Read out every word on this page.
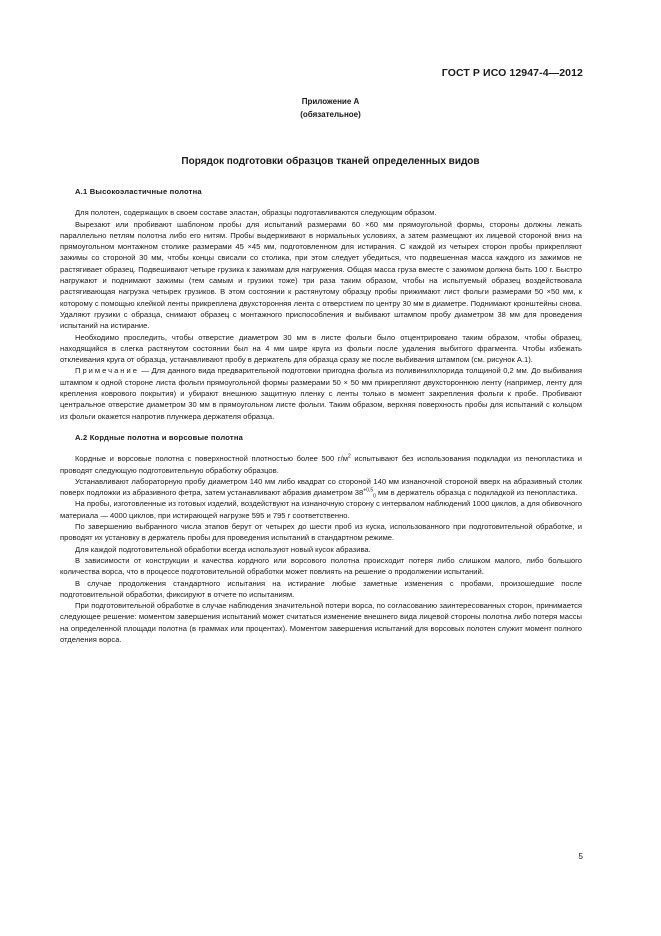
ГОСТ Р ИСО 12947-4—2012
Приложение А
(обязательное)
Порядок подготовки образцов тканей определенных видов
А.1 Высокоэластичные полотна

Для полотен, содержащих в своем составе эластан, образцы подготавливаются следующим образом.

Вырезают или пробивают шаблоном пробы для испытаний размерами 60 ×60 мм прямоугольной формы, стороны должны лежать параллельно петлям полотна либо его нитям. Пробы выдерживают в нормальных условиях, а затем размещают их лицевой стороной вниз на прямоугольном монтажном столике размерами 45 ×45 мм, подготовленном для истирания. С каждой из четырех сторон пробы прикрепляют зажимы со стороной 30 мм, чтобы концы свисали со столика, при этом следует убедиться, что подвешенная масса каждого из зажимов не растягивает образец. Подвешивают четыре грузика к зажимам для нагружения. Общая масса груза вместе с зажимом должна быть 100 г. Быстро нагружают и поднимают зажимы (тем самым и грузики тоже) три раза таким образом, чтобы на испытуемый образец воздействовала растягивающая нагрузка четырех грузиков. В этом состоянии к растянутому образцу пробы прижимают лист фольги размерами 50 ×50 мм, к которому с помощью клейкой ленты прикреплена двухсторонняя лента с отверстием по центру 30 мм в диаметре. Поднимают кронштейны снова. Удаляют грузики с образца, снимают образец с монтажного приспособления и выбивают штампом пробу диаметром 38 мм для проведения испытаний на истирание.

Необходимо проследить, чтобы отверстие диаметром 30 мм в листе фольги было отцентрировано таким образом, чтобы образец, находящийся в слегка растянутом состоянии был на 4 мм шире круга из фольги после удаления выбитого фрагмента. Чтобы избежать отклеивания круга от образца, устанавливают пробу в держатель для образца сразу же после выбивания штампом (см. рисунок А.1).

Примечание — Для данного вида предварительной подготовки пригодна фольга из поливинилхлорида толщиной 0,2 мм. До выбивания штампом к одной стороне листа фольги прямоугольной формы размерами 50 × 50 мм прикрепляют двухстороннюю ленту (например, ленту для крепления коврового покрытия) и убирают внешнюю защитную пленку с ленты только в момент закрепления фольги к пробе. Пробивают центральное отверстие диаметром 30 мм в прямоугольном листе фольги. Таким образом, верхняя поверхность пробы для испытаний с кольцом из фольги окажется напротив плунжера держателя образца.

А.2 Кордные полотна и ворсовые полотна

Кордные и ворсовые полотна с поверхностной плотностью более 500 $г/м^2$ испытывают без использования подкладки из пенопластика и проводят следующую подготовительную обработку образцов.

Устанавливают лабораторную пробу диаметром 140 мм либо квадрат со стороной 140 мм изнаночной стороной вверх на абразивный столик поверх подложки из абразивного фетра, затем устанавливают абразив диаметром $38^{+0,5}_0$ мм в держатель образца с подкладкой из пенопластика.

На пробы, изготовленные из готовых изделий, воздействуют на изнаночную сторону с интервалом наблюдений 1000 циклов, а для обивочного материала — 4000 циклов, при истирающей нагрузке 595 и 795 г соответственно.

По завершению выбранного числа этапов берут от четырех до шести проб из куска, использованного при подготовительной обработке, и проводят их установку в держатель пробы для проведения испытаний в стандартном режиме.

Для каждой подготовительной обработки всегда используют новый кусок абразива.

В зависимости от конструкции и качества кордного или ворсового полотна происходит потеря либо слишком малого, либо большого количества ворса, что в процессе подготовительной обработки может повлиять на решение о продолжении испытаний.

В случае продолжения стандартного испытания на истирание любые заметные изменения с пробами, произошедшие после подготовительной обработки, фиксируют в отчете по испытаниям.

При подготовительной обработке в случае наблюдения значительной потери ворса, по согласованию заинтересованных сторон, принимается следующее решение: моментом завершения испытаний может считаться изменение внешнего вида лицевой стороны полотна либо потеря массы на определенной площади полотна (в граммах или процентах). Моментом завершения испытаний для ворсовых полотен служит момент полного отделения ворса.

5
